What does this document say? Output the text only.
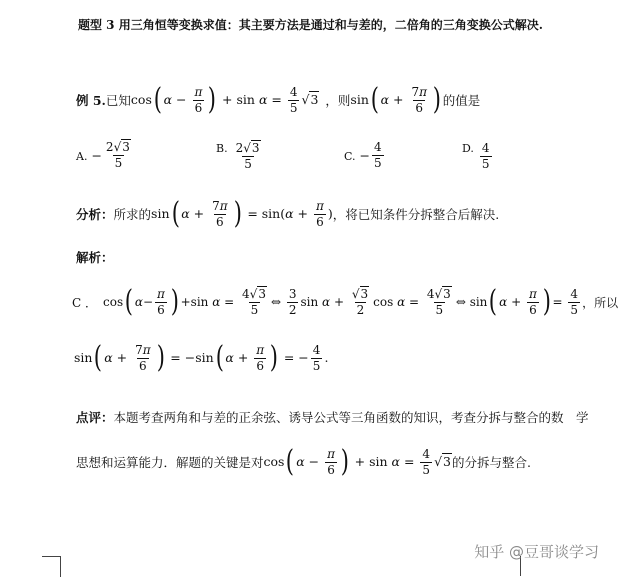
题型 3 用三角恒等变换求值：其主要方法是通过和与差的，二倍角的三角变换公式解决.
例 5. 已知 cos( $\alpha - \frac{\pi}{6}$ ) + $\sin \alpha = \frac{4}{5} √3$ ，则 sin( $\alpha + \frac{7\pi}{6}$ ) 的值是
A. − $\frac{2√3}{5}$	B. $\frac{2√3}{5}$	C. − $\frac{4}{5}$	D. $\frac{4}{5}$
分析： 所求的 sin( $\alpha + \frac{7\pi}{6}$ ) = $\sin(\alpha + \frac{\pi}{6}$ ) ，将已知条件分拆整合后解决.
解析：
C ． cos( $\alpha- \frac{\pi}{6}$ ) +sin $\alpha = \frac{4√3}{5}$ ⇔ $\frac{3}{2}$ $\sin \alpha + \frac{√3}{2}$ $\cos \alpha = \frac{4√3}{5}$ ⇔ sin( $\alpha + \frac{\pi}{6}$ ) = $\frac{4}{5}$ ，所以
sin( $\alpha + \frac{7\pi}{6}$ ) = −sin( $\alpha + \frac{\pi}{6}$ ) = − $\frac{4}{5}$ .
点评：本题考查两角和与差的正余弦、诱导公式等三角函数的知识，考查分拆与整合的数　学
思想和运算能力．解题的关键是对 cos( $\alpha - \frac{\pi}{6}$ ) + $\sin \alpha = \frac{4}{5} √3$ 的分拆与整合.
知乎 @豆哥谈学习
